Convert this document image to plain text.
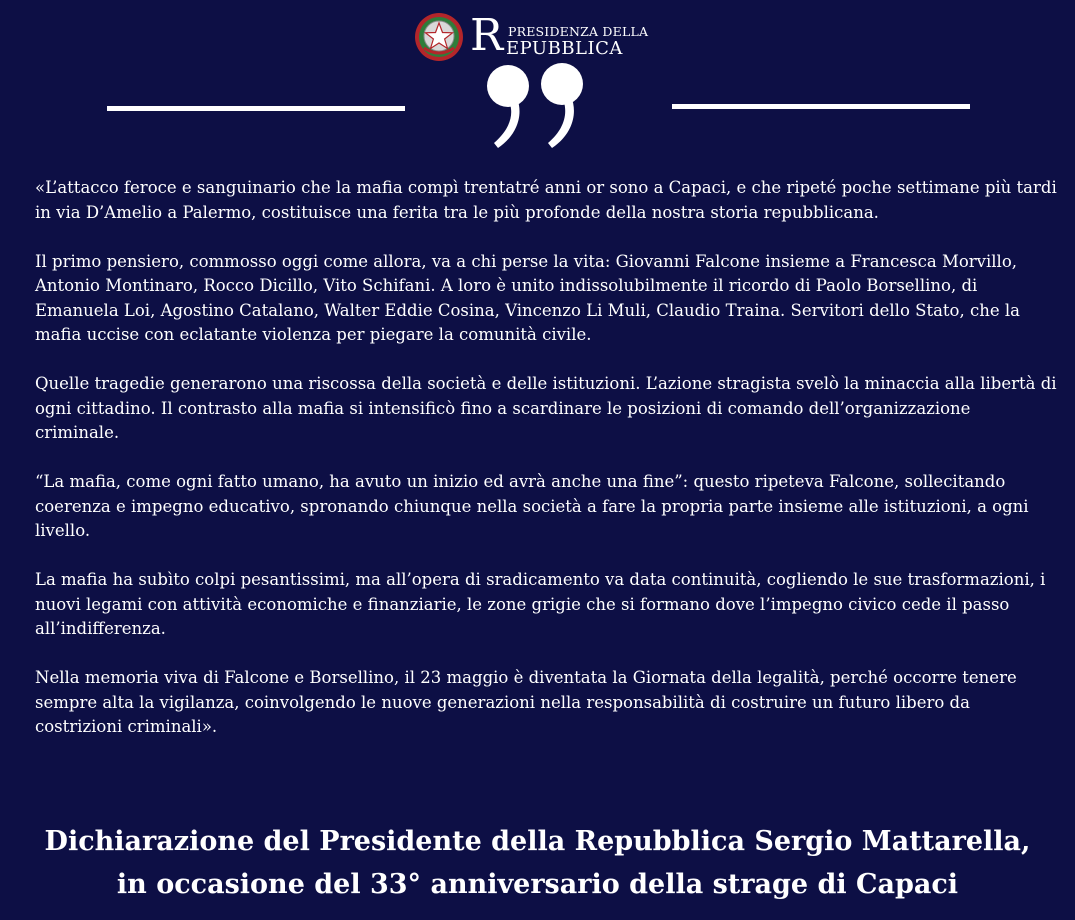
R PRESIDENZA DELLA
EPUBBLICA

«L’attacco feroce e sanguinario che la mafia compì trentatré anni or sono a Capaci, e che ripeté poche settimane più tardi in via D’Amelio a Palermo, costituisce una ferita tra le più profonde della nostra storia repubblicana.

Il primo pensiero, commosso oggi come allora, va a chi perse la vita: Giovanni Falcone insieme a Francesca Morvillo, Antonio Montinaro, Rocco Dicillo, Vito Schifani. A loro è unito indissolubilmente il ricordo di Paolo Borsellino, di Emanuela Loi, Agostino Catalano, Walter Eddie Cosina, Vincenzo Li Muli, Claudio Traina. Servitori dello Stato, che la mafia uccise con eclatante violenza per piegare la comunità civile.

Quelle tragedie generarono una riscossa della società e delle istituzioni. L’azione stragista svelò la minaccia alla libertà di ogni cittadino. Il contrasto alla mafia si intensificò fino a scardinare le posizioni di comando dell’organizzazione criminale.

“La mafia, come ogni fatto umano, ha avuto un inizio ed avrà anche una fine”: questo ripeteva Falcone, sollecitando coerenza e impegno educativo, spronando chiunque nella società a fare la propria parte insieme alle istituzioni, a ogni livello.

La mafia ha subìto colpi pesantissimi, ma all’opera di sradicamento va data continuità, cogliendo le sue trasformazioni, i nuovi legami con attività economiche e finanziarie, le zone grigie che si formano dove l’impegno civico cede il passo all’indifferenza.

Nella memoria viva di Falcone e Borsellino, il 23 maggio è diventata la Giornata della legalità, perché occorre tenere sempre alta la vigilanza, coinvolgendo le nuove generazioni nella responsabilità di costruire un futuro libero da costrizioni criminali».

Dichiarazione del Presidente della Repubblica Sergio Mattarella,
in occasione del 33° anniversario della strage di Capaci
